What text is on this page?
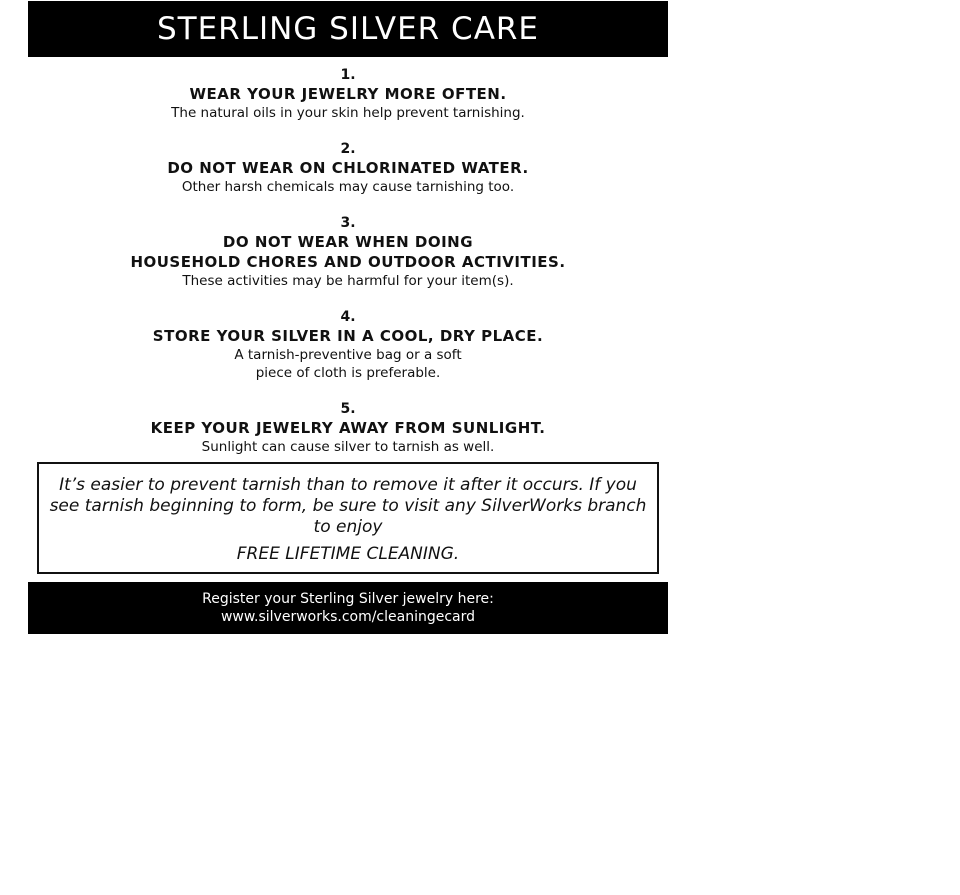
STERLING SILVER CARE
1.
WEAR YOUR JEWELRY MORE OFTEN.
The natural oils in your skin help prevent tarnishing.
2.
DO NOT WEAR ON CHLORINATED WATER.
Other harsh chemicals may cause tarnishing too.
3.
DO NOT WEAR WHEN DOING
HOUSEHOLD CHORES AND OUTDOOR ACTIVITIES.
These activities may be harmful for your item(s).
4.
STORE YOUR SILVER IN A COOL, DRY PLACE.
A tarnish-preventive bag or a soft
piece of cloth is preferable.
5.
KEEP YOUR JEWELRY AWAY FROM SUNLIGHT.
Sunlight can cause silver to tarnish as well.
It’s easier to prevent tarnish than to remove it after it occurs. If you see tarnish beginning to form, be sure to visit any SilverWorks branch to enjoy
FREE LIFETIME CLEANING.
Register your Sterling Silver jewelry here:
www.silverworks.com/cleaningecard
